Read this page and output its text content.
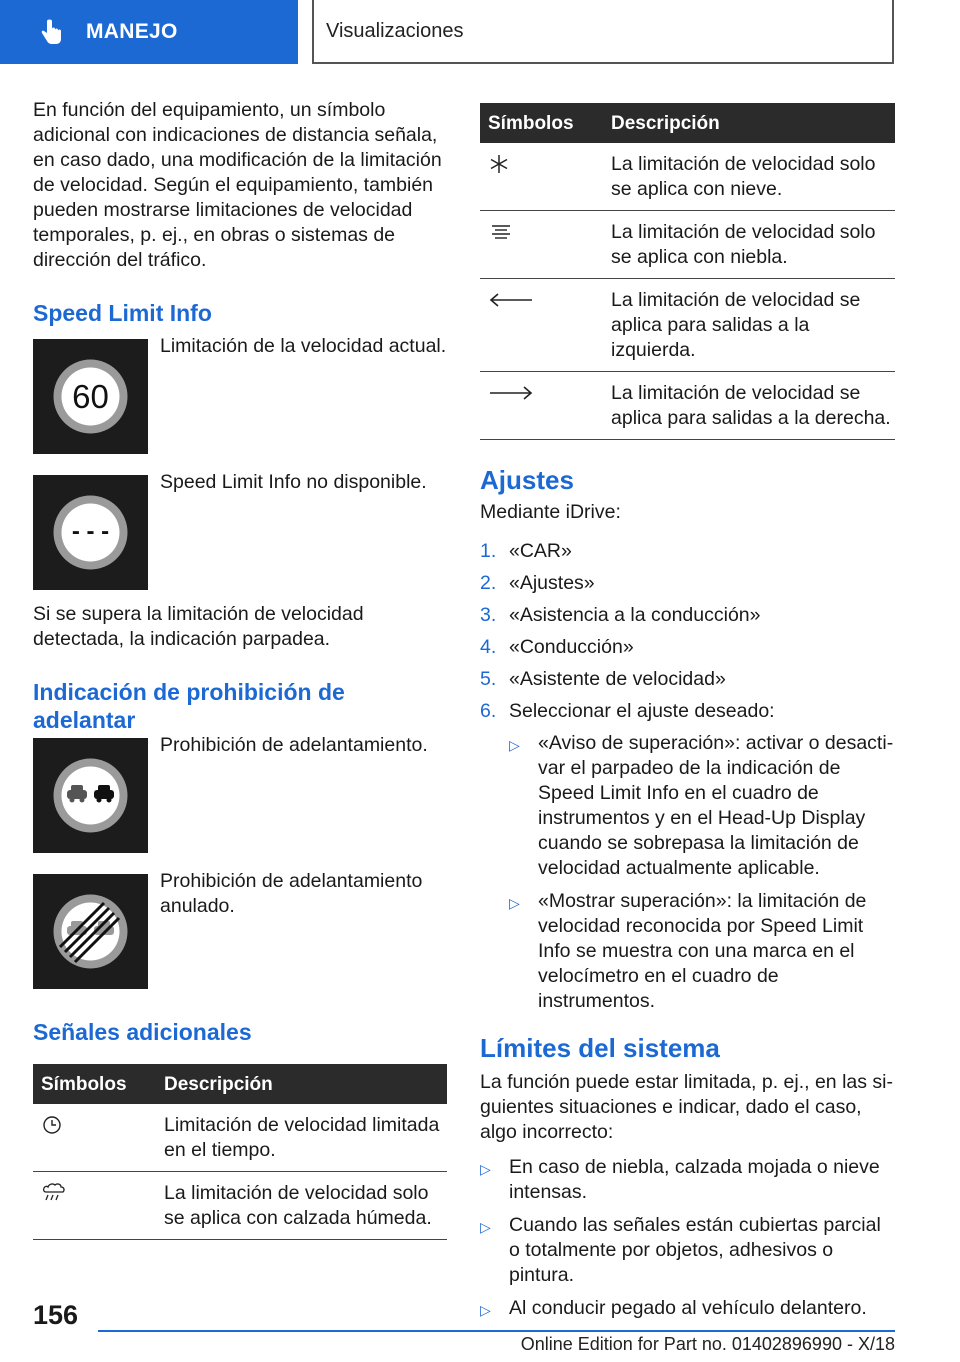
MANEJO	Visualizaciones

En función del equipamiento, un símbolo adicional con indicaciones de distancia señala, en caso dado, una modificación de la limitación de velocidad. Según el equipamiento, también pueden mostrarse limitaciones de velocidad temporales, p. ej., en obras o sistemas de dirección del tráfico.

Speed Limit Info
60
Limitación de la velocidad actual.
- - -
Speed Limit Info no disponible.

Si se supera la limitación de velocidad detectada, la indicación parpadea.

Indicación de prohibición de adelantar
Prohibición de adelantamiento.
Prohibición de adelantamiento anulado.
Señales adicionales
Símbolos	Descripción
	Limitación de velocidad limitada en el tiempo.
	La limitación de velocidad solo se aplica con calzada húmeda.
Símbolos	Descripción
	La limitación de velocidad solo se aplica con nieve.
	La limitación de velocidad solo se aplica con niebla.
	La limitación de velocidad se aplica para salidas a la izquierda.
	La limitación de velocidad se aplica para salidas a la derecha.
Ajustes

Mediante iDrive:

1. «CAR»
2. «Ajustes»
3. «Asistencia a la conducción»
4. «Conducción»
5. «Asistente de velocidad»
6. Seleccionar el ajuste deseado:
▷ «Aviso de superación»: activar o desactivar el parpadeo de la indicación de Speed Limit Info en el cuadro de instrumentos y en el Head-Up Display cuando se sobrepasa la limitación de velocidad actualmente aplicable.
▷ «Mostrar superación»: la limitación de velocidad reconocida por Speed Limit Info se muestra con una marca en el velocímetro en el cuadro de instrumentos.
Límites del sistema

La función puede estar limitada, p. ej., en las siguientes situaciones e indicar, dado el caso, algo incorrecto:

▷ En caso de niebla, calzada mojada o nieve intensas.
▷ Cuando las señales están cubiertas parcial o totalmente por objetos, adhesivos o pintura.
▷ Al conducir pegado al vehículo delantero.
156
Online Edition for Part no. 01402896990 - X/18
